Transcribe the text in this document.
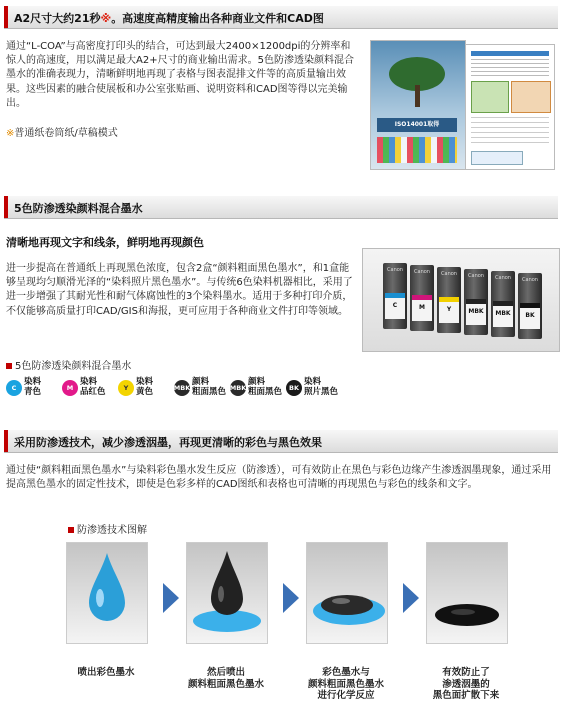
A2尺寸大约21秒※。高速度高精度输出各种商业文件和CAD图
通过“L-COA”与高密度打印头的结合，可达到最大2400×1200dpi的分辨率和惊人的高速度，用以满足最大A2+尺寸的商业输出需求。5色防渗透染颜料混合墨水的准确表现力，清晰鲜明地再现了表格与图表混排文件等的高质量输出效果。这些因素的融合使展板和办公室张贴画、说明资料和CAD图等得以完美输出。
※普通纸卷筒纸/草稿模式
ISO14001取得
5色防渗透染颜料混合墨水
清晰地再现文字和线条，鲜明地再现颜色
进一步提高在普通纸上再现黑色浓度，包含2盒“颜料粗面黑色墨水”，和1盒能够呈现均匀顺滑光泽的“染料照片黑色墨水”。与传统6色染料机器相比，采用了进一步增强了其耐光性和耐气体腐蚀性的3个染料墨水。适用于多种打印介质，不仅能够高质量打印CAD/GIS和海报，更可应用于各种商业文件打印等领域。
Canon
C
Canon
M
Canon
Y
Canon
MBK
Canon
MBK
Canon
BK
5色防渗透染颜料混合墨水
C
染料
青色	M
染料
品红色	Y
染料
黄色	MBK
颜料
粗面黑色 MBK
颜料
粗面黑色	BK
染料
照片黑色
采用防渗透技术，减少渗透洇墨，再现更清晰的彩色与黑色效果
通过使“颜料粗面黑色墨水”与染料彩色墨水发生反应（防渗透），可有效防止在黑色与彩色边缘产生渗透洇墨现象，通过采用提高黑色墨水的固定性技术，即使是色彩多样的CAD图纸和表格也可清晰的再现黑色与彩色的线条和文字。
防渗透技术图解
喷出彩色墨水	然后喷出
颜料粗面黑色墨水
彩色墨水与
颜料粗面黑色墨水
进行化学反应
有效防止了
渗透洇墨的
黑色面扩散下来
